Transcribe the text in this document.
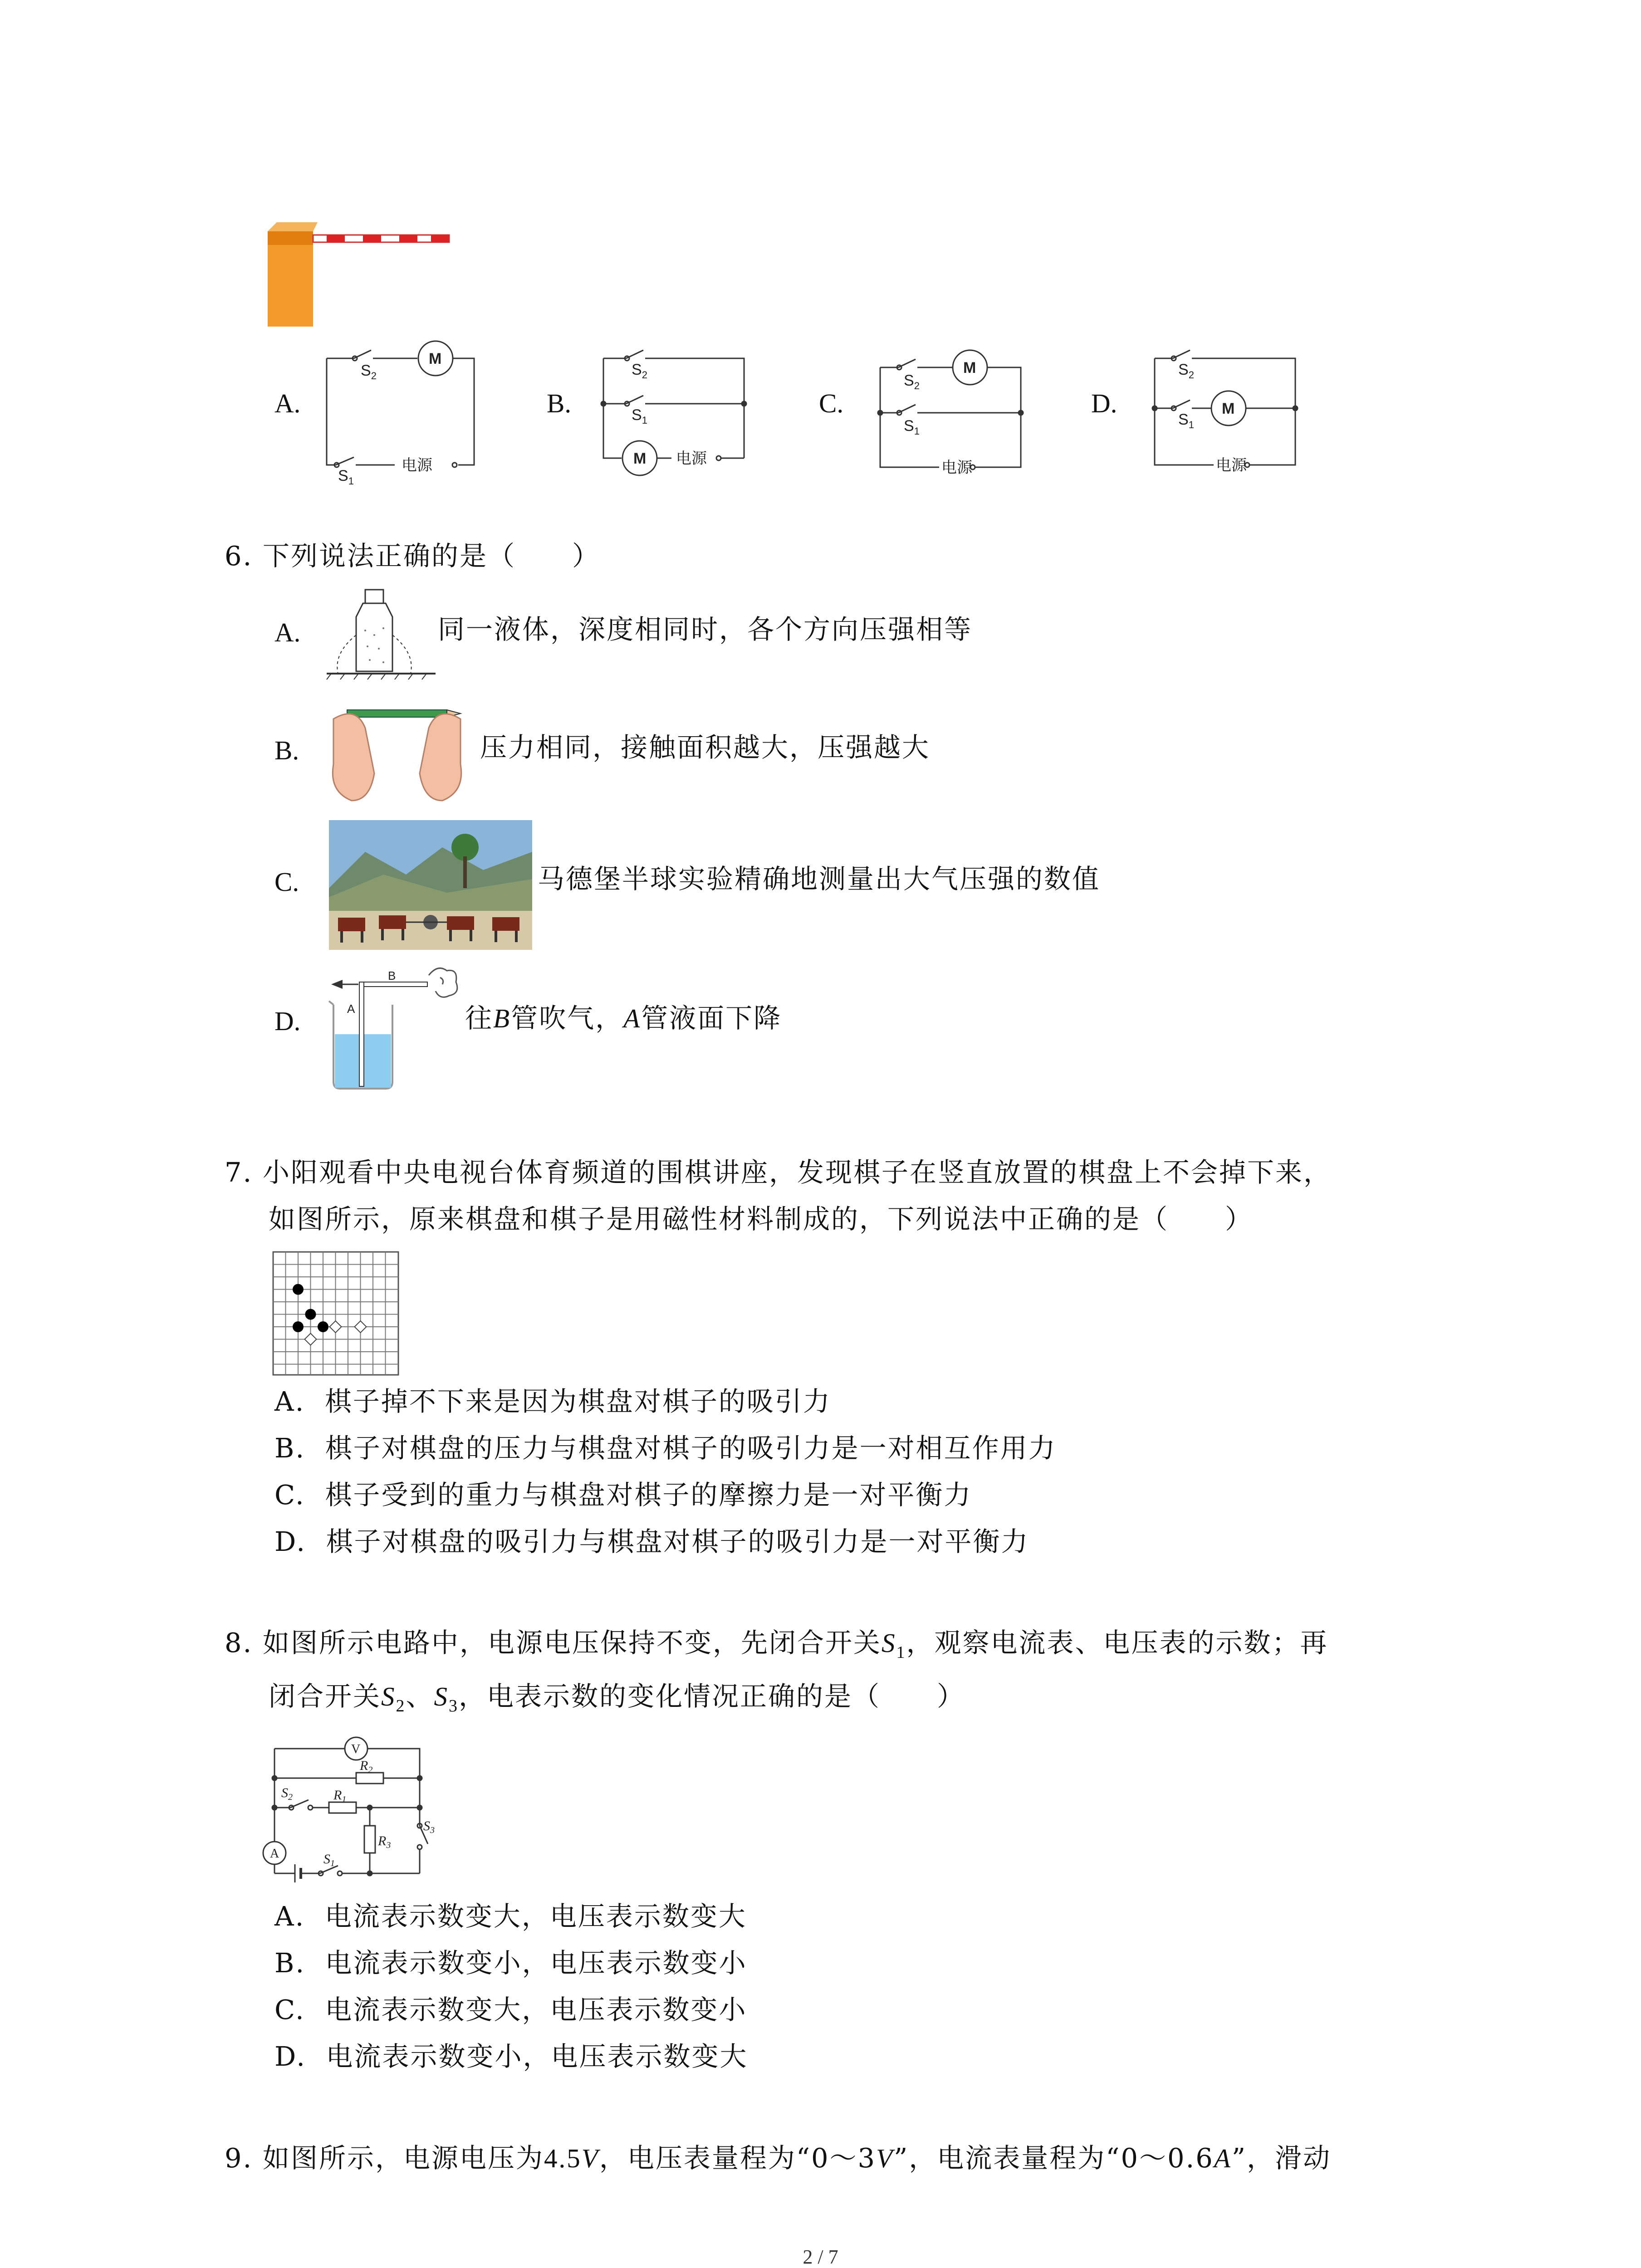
A.
$S_2$
M
$S_1$
电源
B.
$S_2$
$S_1$
M 电源
C.
$S_2$
M
$S_1$
电源
D.
$S_2$
$S_1$
M
电源
6. 下列说法正确的是（　　）
A.	同一液体，深度相同时，各个方向压强相等
B.	压力相同，接触面积越大，压强越大
C.	马德堡半球实验精确地测量出大气压强的数值
D.	A
B
往B管吹气，A管液面下降
7. 小阳观看中央电视台体育频道的围棋讲座，发现棋子在竖直放置的棋盘上不会掉下来，
如图所示，原来棋盘和棋子是用磁性材料制成的，下列说法中正确的是（　　）
A. 棋子掉不下来是因为棋盘对棋子的吸引力
B. 棋子对棋盘的压力与棋盘对棋子的吸引力是一对相互作用力
C. 棋子受到的重力与棋盘对棋子的摩擦力是一对平衡力
D. 棋子对棋盘的吸引力与棋盘对棋子的吸引力是一对平衡力
8. 如图所示电路中，电源电压保持不变，先闭合开关$S_1$，观察电流表、电压表的示数；再
闭合开关$S_2$、$S_3$，电表示数的变化情况正确的是（　　）
V
A
$R_2$
$R_1$
$R_3$
$S_2$
$S_3$
$S_1$
A. 电流表示数变大，电压表示数变大
B. 电流表示数变小，电压表示数变小
C. 电流表示数变大，电压表示数变小
D. 电流表示数变小，电压表示数变大
9. 如图所示，电源电压为4.5V，电压表量程为“0～3V”，电流表量程为“0～0.6A”，滑动
2 / 7
